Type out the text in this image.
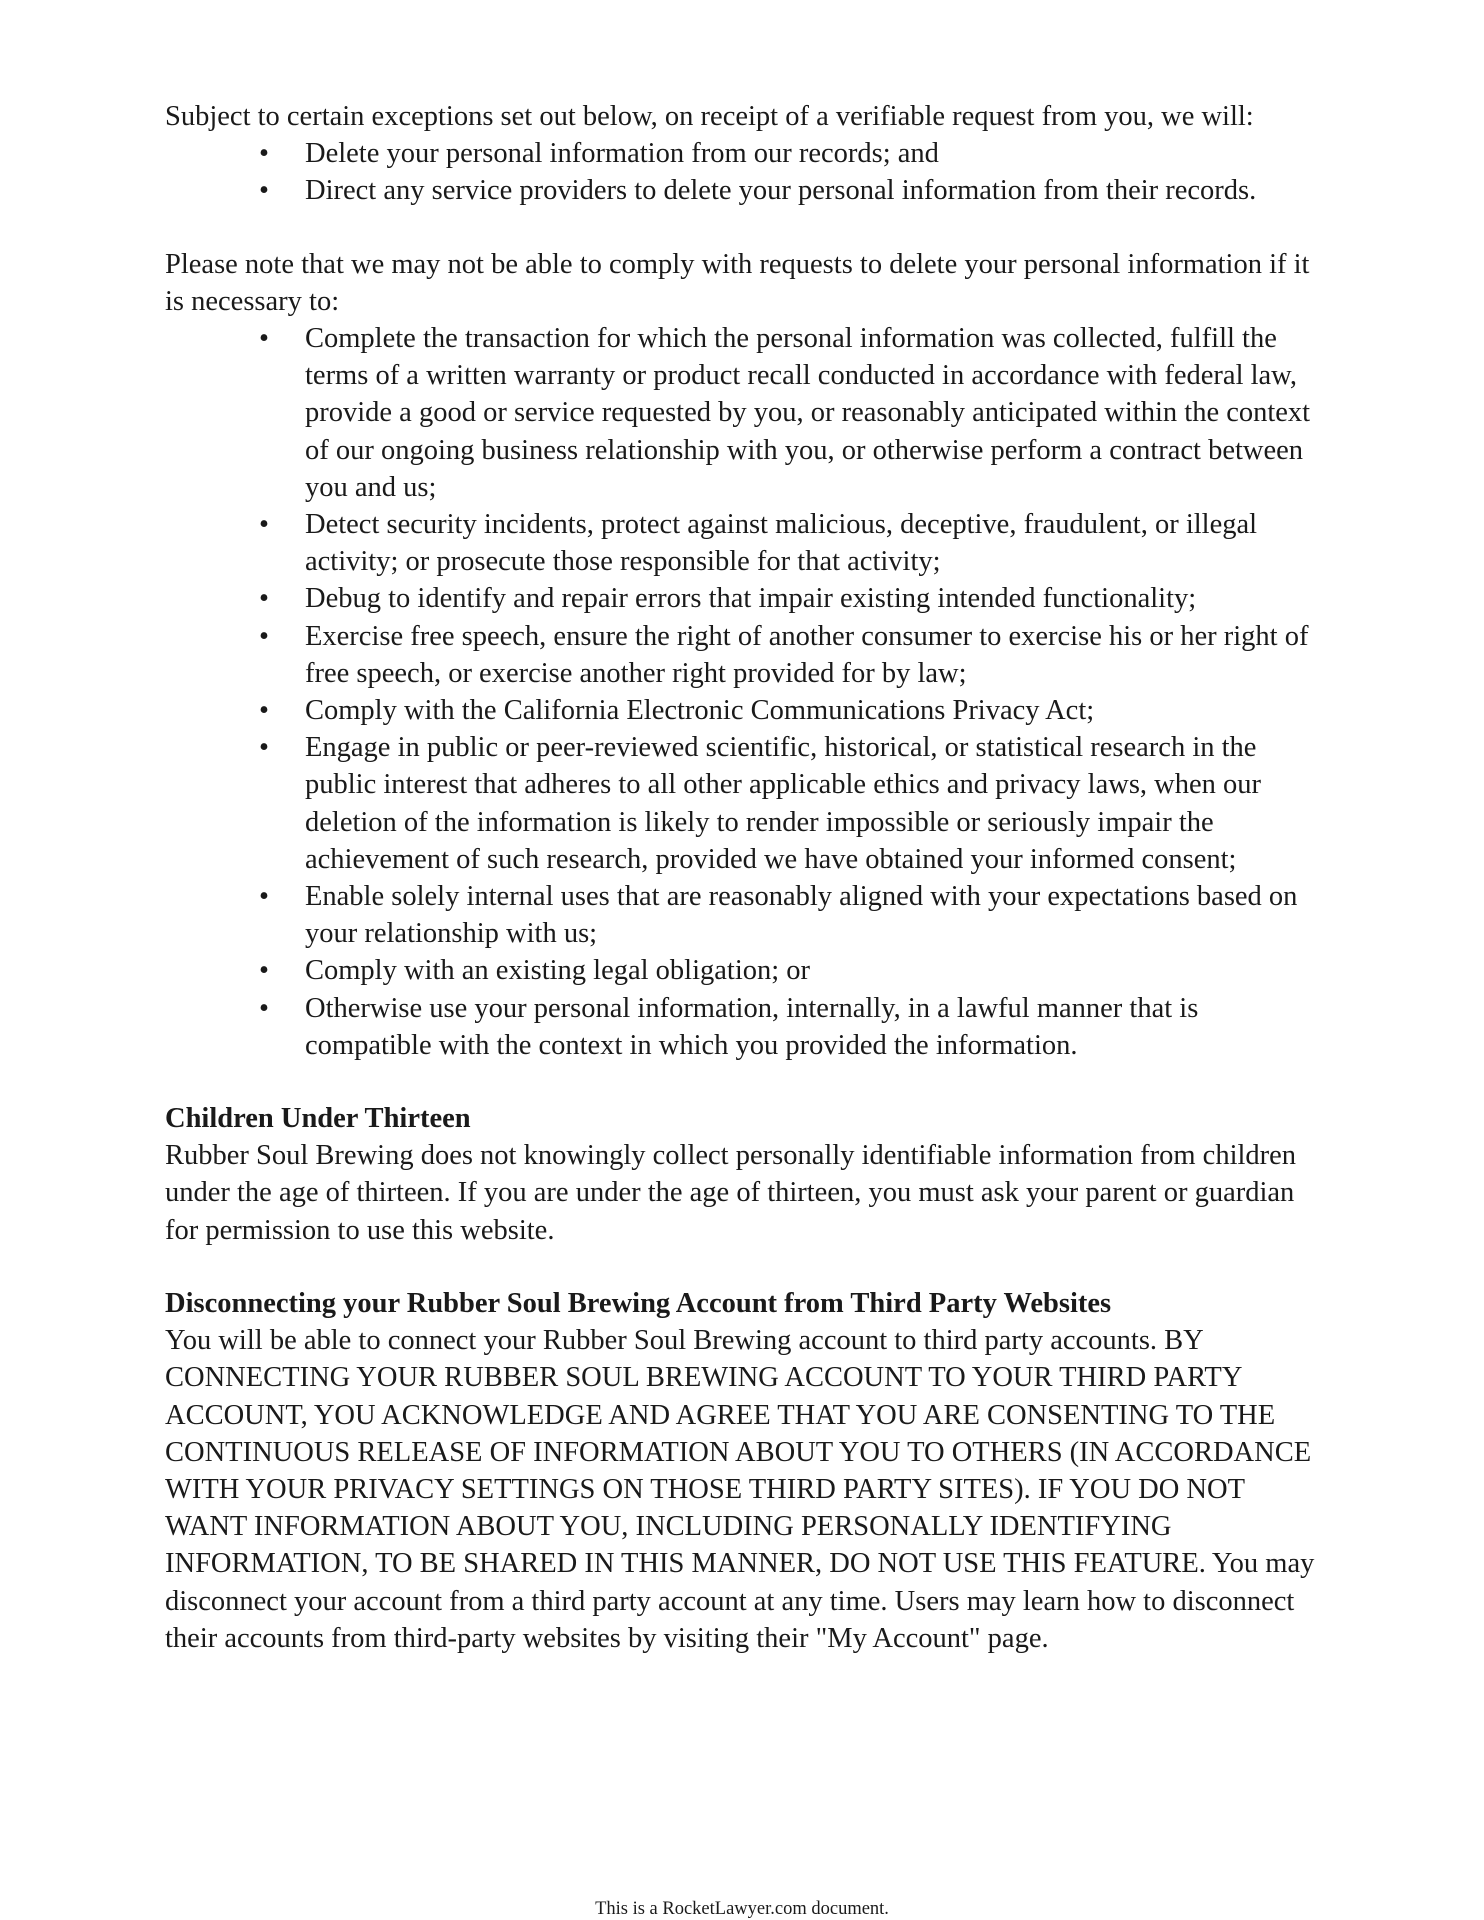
Subject to certain exceptions set out below, on receipt of a verifiable request from you, we will:

• Delete your personal information from our records; and
• Direct any service providers to delete your personal information from their records.

Please note that we may not be able to comply with requests to delete your personal information if it is necessary to:

• Complete the transaction for which the personal information was collected, fulfill the terms of a written warranty or product recall conducted in accordance with federal law, provide a good or service requested by you, or reasonably anticipated within the context of our ongoing business relationship with you, or otherwise perform a contract between you and us;
• Detect security incidents, protect against malicious, deceptive, fraudulent, or illegal activity; or prosecute those responsible for that activity;
• Debug to identify and repair errors that impair existing intended functionality;
• Exercise free speech, ensure the right of another consumer to exercise his or her right of free speech, or exercise another right provided for by law;
• Comply with the California Electronic Communications Privacy Act;
• Engage in public or peer-reviewed scientific, historical, or statistical research in the public interest that adheres to all other applicable ethics and privacy laws, when our deletion of the information is likely to render impossible or seriously impair the achievement of such research, provided we have obtained your informed consent;
• Enable solely internal uses that are reasonably aligned with your expectations based on your relationship with us;
• Comply with an existing legal obligation; or
• Otherwise use your personal information, internally, in a lawful manner that is compatible with the context in which you provided the information.

Children Under Thirteen

Rubber Soul Brewing does not knowingly collect personally identifiable information from children under the age of thirteen. If you are under the age of thirteen, you must ask your parent or guardian for permission to use this website.

Disconnecting your Rubber Soul Brewing Account from Third Party Websites

You will be able to connect your Rubber Soul Brewing account to third party accounts. BY CONNECTING YOUR RUBBER SOUL BREWING ACCOUNT TO YOUR THIRD PARTY ACCOUNT, YOU ACKNOWLEDGE AND AGREE THAT YOU ARE CONSENTING TO THE CONTINUOUS RELEASE OF INFORMATION ABOUT YOU TO OTHERS (IN ACCORDANCE WITH YOUR PRIVACY SETTINGS ON THOSE THIRD PARTY SITES). IF YOU DO NOT WANT INFORMATION ABOUT YOU, INCLUDING PERSONALLY IDENTIFYING INFORMATION, TO BE SHARED IN THIS MANNER, DO NOT USE THIS FEATURE. You may disconnect your account from a third party account at any time. Users may learn how to disconnect their accounts from third-party websites by visiting their "My Account" page.

This is a RocketLawyer.com document.
